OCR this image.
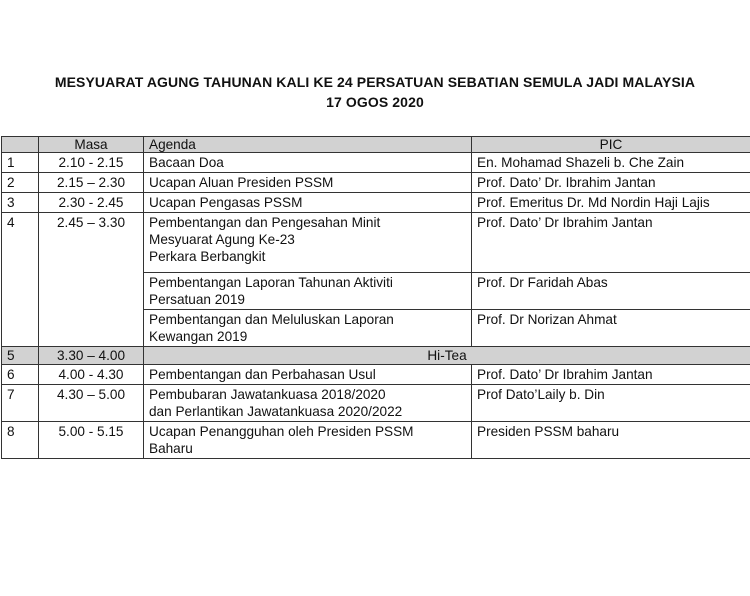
MESYUARAT AGUNG TAHUNAN KALI KE 24 PERSATUAN SEBATIAN SEMULA JADI MALAYSIA
17 OGOS 2020
	Masa	Agenda	PIC
1	2.10 - 2.15	Bacaan Doa	En. Mohamad Shazeli b. Che Zain
2	2.15 – 2.30	Ucapan Aluan Presiden PSSM	Prof. Dato’ Dr. Ibrahim Jantan
3	2.30 - 2.45	Ucapan Pengasas PSSM	Prof. Emeritus Dr. Md Nordin Haji Lajis
4	2.45 – 3.30	Pembentangan dan Pengesahan Minit
Mesyuarat Agung Ke-23
Perkara Berbangkit	Prof. Dato’ Dr Ibrahim Jantan

		Pembentangan Laporan Tahunan Aktiviti
Persatuan 2019	Prof. Dr Faridah Abas

		Pembentangan dan Meluluskan Laporan
Kewangan 2019	Prof. Dr Norizan Ahmat
5	3.30 – 4.00	Hi-Tea	
6	4.00 - 4.30	Pembentangan dan Perbahasan Usul	Prof. Dato’ Dr Ibrahim Jantan
7	4.30 – 5.00	Pembubaran Jawatankuasa 2018/2020
dan Perlantikan Jawatankuasa 2020/2022	Prof Dato’Laily b. Din
8	5.00 - 5.15	Ucapan Penangguhan oleh Presiden PSSM
Baharu	Presiden PSSM baharu
